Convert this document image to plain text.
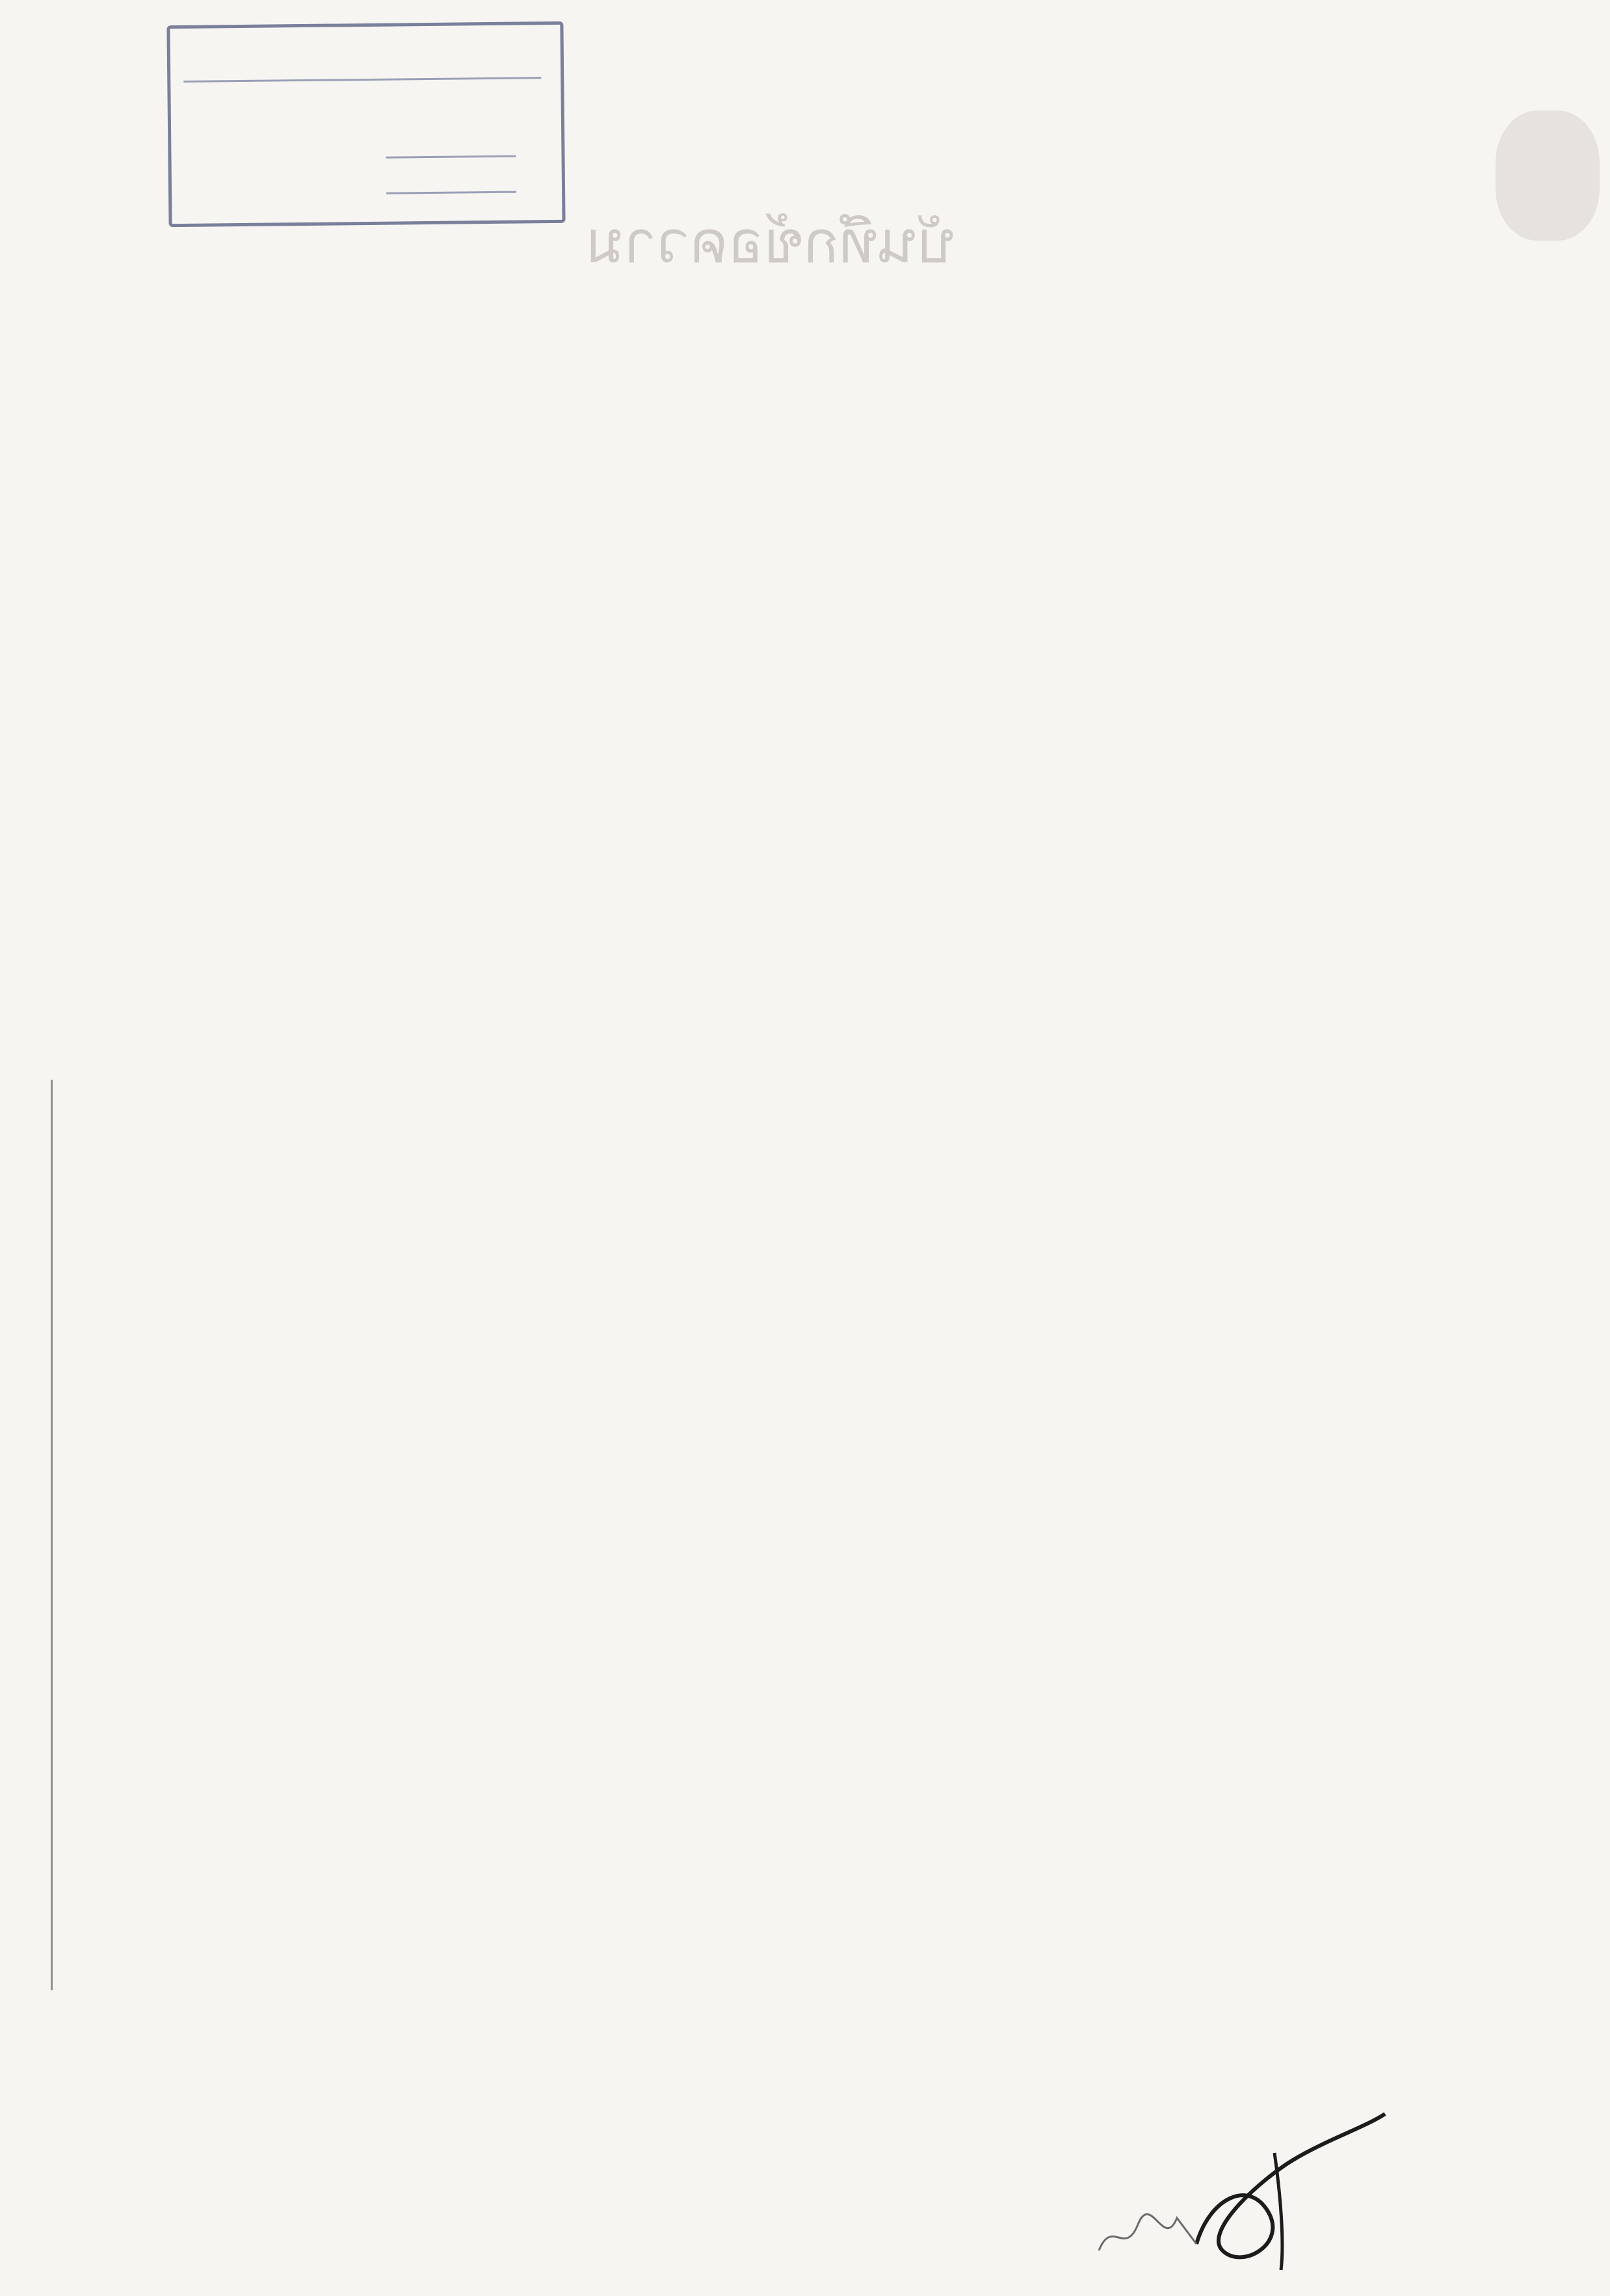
บันทึกข้อความ
